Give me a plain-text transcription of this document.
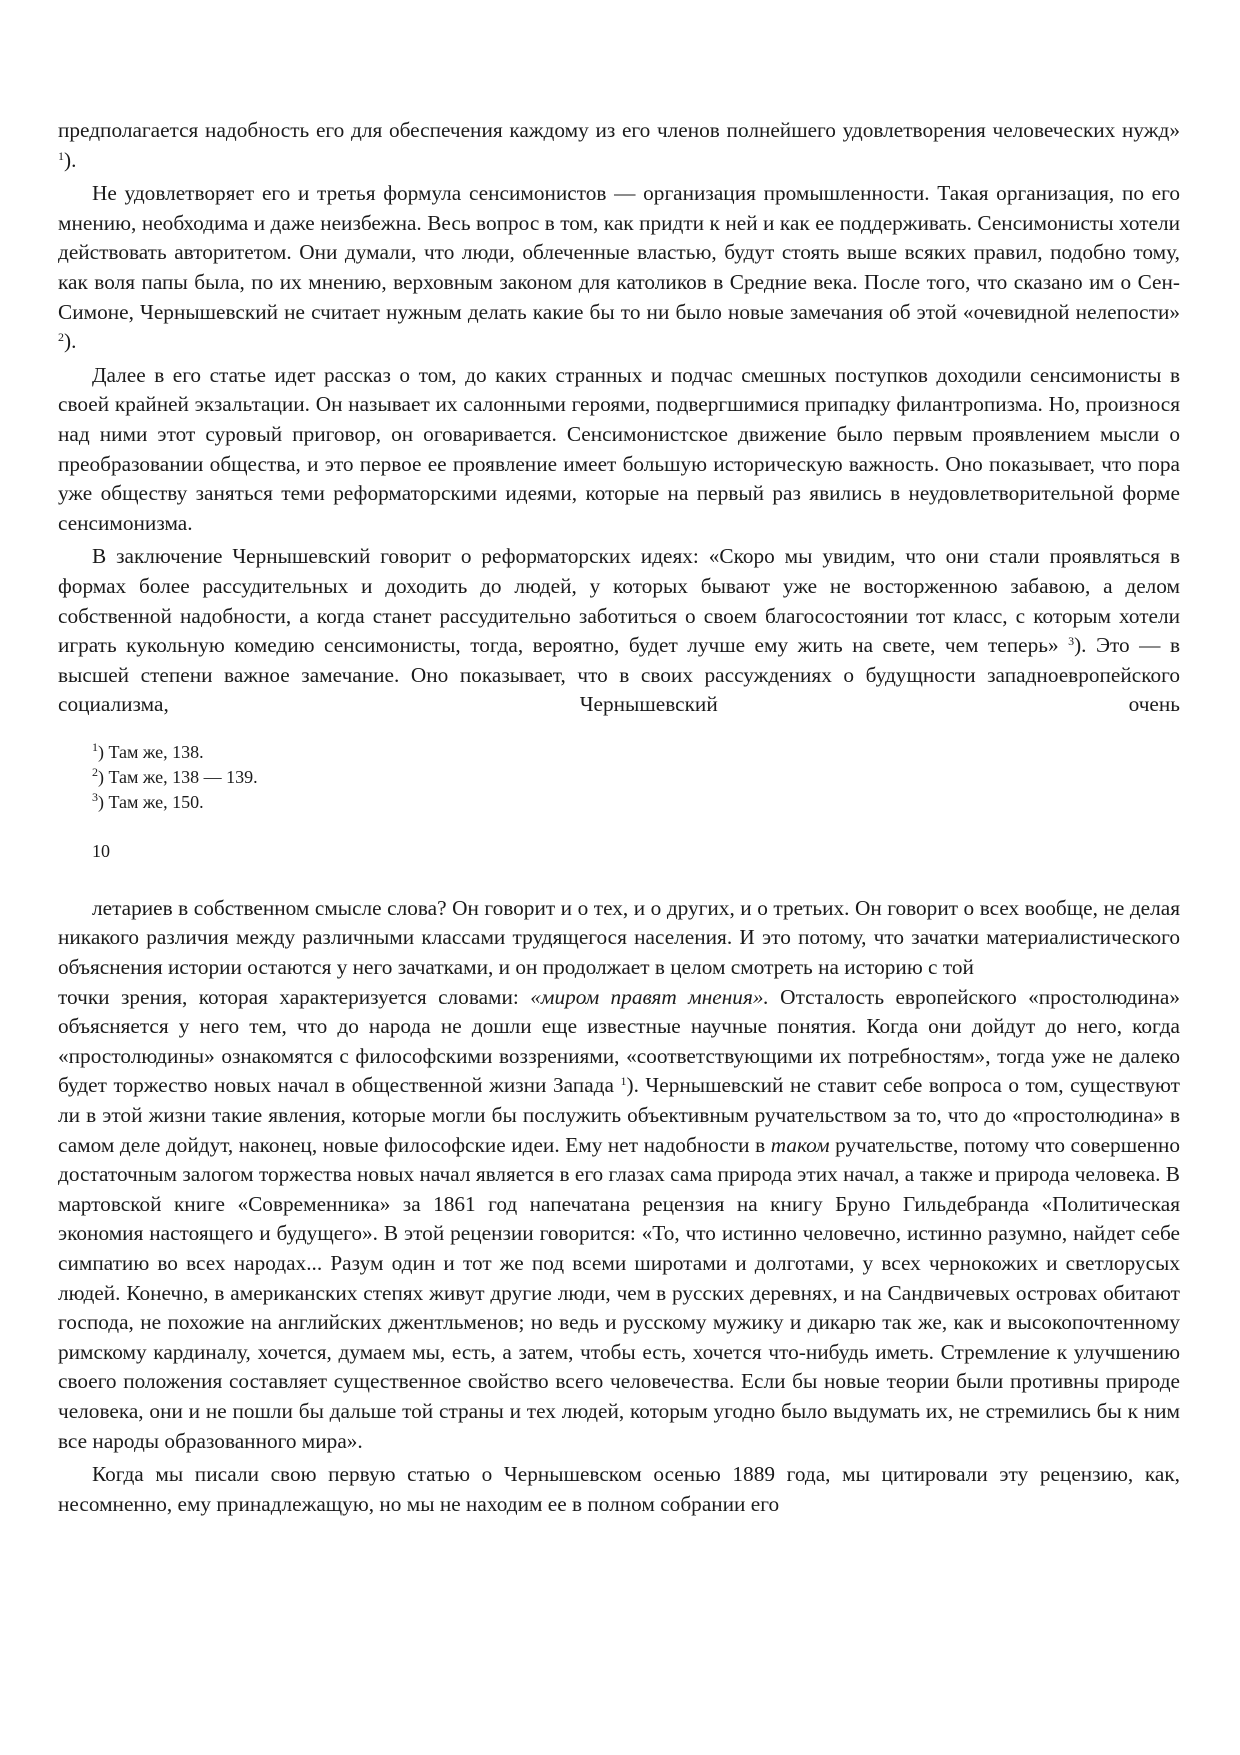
предполагается надобность его для обеспечения каждому из его членов полнейшего удовлетворения человеческих нужд» $^1$).

Не удовлетворяет его и третья формула сенсимонистов — организация промышленности. Такая организация, по его мнению, необходима и даже неизбежна. Весь вопрос в том, как придти к ней и как ее поддерживать. Сенсимонисты хотели действовать авторитетом. Они думали, что люди, облеченные властью, будут стоять выше всяких правил, подобно тому, как воля папы была, по их мнению, верховным законом для католиков в Средние века. После того, что сказано им о Сен-Симоне, Чернышевский не считает нужным делать какие бы то ни было новые замечания об этой «очевидной нелепости» $^2$).

Далее в его статье идет рассказ о том, до каких странных и подчас смешных поступков доходили сенсимонисты в своей крайней экзальтации. Он называет их салонными героями, подвергшимися припадку филантропизма. Но, произнося над ними этот суровый приговор, он оговаривается. Сенсимонистское движение было первым проявлением мысли о преобразовании общества, и это первое ее проявление имеет большую историческую важность. Оно показывает, что пора уже обществу заняться теми реформаторскими идеями, которые на первый раз явились в неудовлетворительной форме сенсимонизма.

В заключение Чернышевский говорит о реформаторских идеях: «Скоро мы увидим, что они стали проявляться в формах более рассудительных и доходить до людей, у которых бывают уже не восторженною забавою, а делом собственной надобности, а когда станет рассудительно заботиться о своем благосостоянии тот класс, с которым хотели играть кукольную комедию сенсимонисты, тогда, вероятно, будет лучше ему жить на свете, чем теперь» $^3$). Это — в высшей степени важное замечание. Оно показывает, что в своих рассуждениях о будущности западноевропейского социализма, Чернышевский очень

$^1$) Там же, 138.
$^2$) Там же, 138 — 139.
$^3$) Там же, 150.
10

летариев в собственном смысле слова? Он говорит и о тех, и о других, и о третьих. Он говорит о всех вообще, не делая никакого различия между различными классами трудящегося населения. И это потому, что зачатки материалистического объяснения истории остаются у него зачатками, и он продолжает в целом смотреть на историю с той
точки зрения, которая характеризуется словами: «миром правят мнения». Отсталость европейского «простолюдина» объясняется у него тем, что до народа не дошли еще известные научные понятия. Когда они дойдут до него, когда «простолюдины» ознакомятся с философскими воззрениями, «соответствующими их потребностям», тогда уже не далеко будет торжество новых начал в общественной жизни Запада $^1$). Чернышевский не ставит себе вопроса о том, существуют ли в этой жизни такие явления, которые могли бы послужить объективным ручательством за то, что до «простолюдина» в самом деле дойдут, наконец, новые философские идеи. Ему нет надобности в таком ручательстве, потому что совершенно достаточным залогом торжества новых начал является в его глазах сама природа этих начал, а также и природа человека. В мартовской книге «Современника» за 1861 год напечатана рецензия на книгу Бруно Гильдебранда «Политическая экономия настоящего и будущего». В этой рецензии говорится: «То, что истинно человечно, истинно разумно, найдет себе симпатию во всех народах... Разум один и тот же под всеми широтами и долготами, у всех чернокожих и светлорусых людей. Конечно, в американских степях живут другие люди, чем в русских деревнях, и на Сандвичевых островах обитают господа, не похожие на английских джентльменов; но ведь и русскому мужику и дикарю так же, как и высокопочтенному римскому кардиналу, хочется, думаем мы, есть, а затем, чтобы есть, хочется что-нибудь иметь. Стремление к улучшению своего положения составляет существенное свойство всего человечества. Если бы новые теории были противны природе человека, они и не пошли бы дальше той страны и тех людей, которым угодно было выдумать их, не стремились бы к ним все народы образованного мира».

Когда мы писали свою первую статью о Чернышевском осенью 1889 года, мы цитировали эту рецензию, как, несомненно, ему принадлежащую, но мы не находим ее в полном собрании его
